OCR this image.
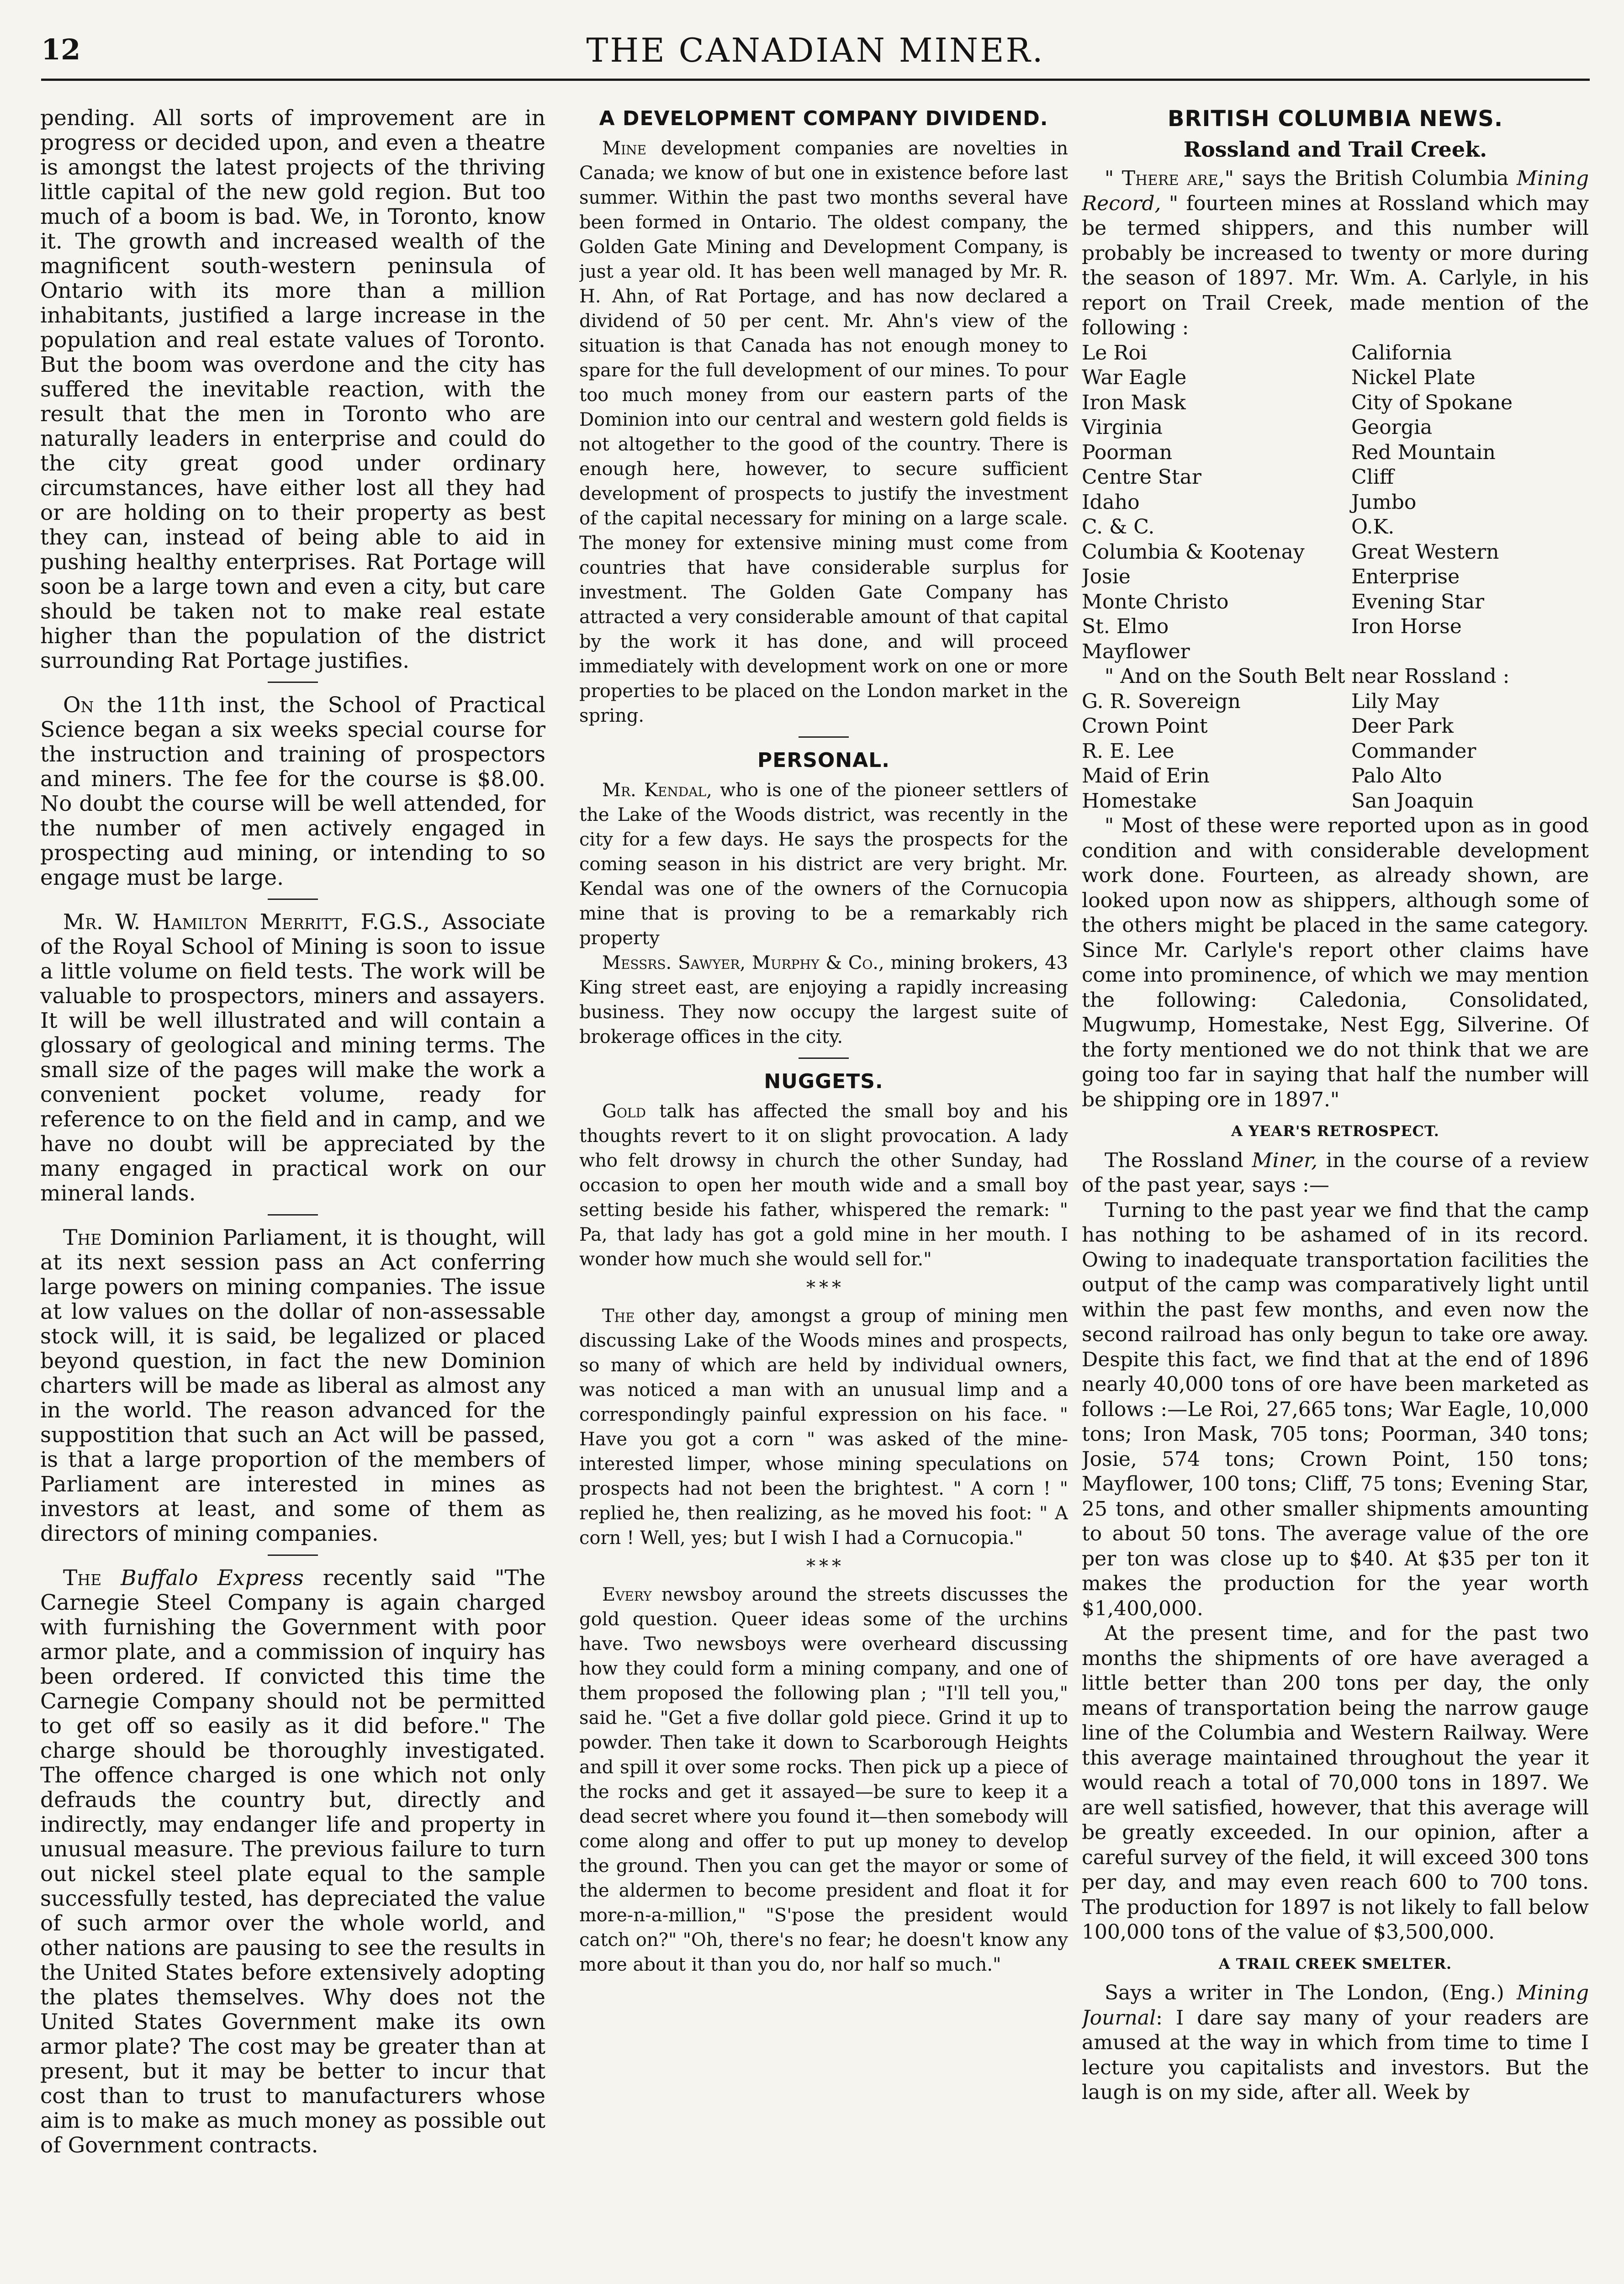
12	THE CANADIAN MINER.

pending. All sorts of improvement are in progress or decided upon, and even a theatre is amongst the latest projects of the thriving little capital of the new gold region. But too much of a boom is bad. We, in Toronto, know it. The growth and increased wealth of the magnificent south-western peninsula of Ontario with its more than a million inhabitants, justified a large increase in the population and real estate values of Toronto. But the boom was overdone and the city has suffered the inevitable reaction, with the result that the men in Toronto who are naturally leaders in enterprise and could do the city great good under ordinary circumstances, have either lost all they had or are holding on to their property as best they can, instead of being able to aid in pushing healthy enterprises. Rat Portage will soon be a large town and even a city, but care should be taken not to make real estate higher than the population of the district surrounding Rat Portage justifies.

On the 11th inst, the School of Practical Science began a six weeks special course for the instruction and training of prospectors and miners. The fee for the course is $8.00. No doubt the course will be well attended, for the number of men actively engaged in prospecting aud mining, or intending to so engage must be large.

Mr. W. Hamilton Merritt, F.G.S., Associate of the Royal School of Mining is soon to issue a little volume on field tests. The work will be valuable to prospectors, miners and assayers. It will be well illustrated and will contain a glossary of geological and mining terms. The small size of the pages will make the work a convenient pocket volume, ready for reference to on the field and in camp, and we have no doubt will be appreciated by the many engaged in practical work on our mineral lands.

The Dominion Parliament, it is thought, will at its next session pass an Act conferring large powers on mining companies. The issue at low values on the dollar of non-assessable stock will, it is said, be legalized or placed beyond question, in fact the new Dominion charters will be made as liberal as almost any in the world. The reason advanced for the suppostition that such an Act will be passed, is that a large proportion of the members of Parliament are interested in mines as investors at least, and some of them as directors of mining companies.

The Buffalo Express recently said "The Carnegie Steel Company is again charged with furnishing the Government with poor armor plate, and a commission of inquiry has been ordered. If convicted this time the Carnegie Company should not be permitted to get off so easily as it did before." The charge should be thoroughly investigated. The offence charged is one which not only defrauds the country but, directly and indirectly, may endanger life and property in unusual measure. The previous failure to turn out nickel steel plate equal to the sample successfully tested, has depreciated the value of such armor over the whole world, and other nations are pausing to see the results in the United States before extensively adopting the plates themselves. Why does not the United States Government make its own armor plate? The cost may be greater than at present, but it may be better to incur that cost than to trust to manufacturers whose aim is to make as much money as possible out of Government contracts.

A DEVELOPMENT COMPANY DIVIDEND.

Mine development companies are novelties in Canada; we know of but one in existence before last summer. Within the past two months several have been formed in Ontario. The oldest company, the Golden Gate Mining and Development Company, is just a year old. It has been well managed by Mr. R. H. Ahn, of Rat Portage, and has now declared a dividend of 50 per cent. Mr. Ahn's view of the situation is that Canada has not enough money to spare for the full development of our mines. To pour too much money from our eastern parts of the Dominion into our central and western gold fields is not altogether to the good of the country. There is enough here, however, to secure sufficient development of prospects to justify the investment of the capital necessary for mining on a large scale. The money for extensive mining must come from countries that have considerable surplus for investment. The Golden Gate Company has attracted a very considerable amount of that capital by the work it has done, and will proceed immediately with development work on one or more properties to be placed on the London market in the spring.

PERSONAL.

Mr. Kendal, who is one of the pioneer settlers of the Lake of the Woods district, was recently in the city for a few days. He says the prospects for the coming season in his district are very bright. Mr. Kendal was one of the owners of the Cornucopia mine that is proving to be a remarkably rich property

Messrs. Sawyer, Murphy & Co., mining brokers, 43 King street east, are enjoying a rapidly increasing business. They now occupy the largest suite of brokerage offices in the city.

NUGGETS.

Gold talk has affected the small boy and his thoughts revert to it on slight provocation. A lady who felt drowsy in church the other Sunday, had occasion to open her mouth wide and a small boy setting beside his father, whispered the remark: " Pa, that lady has got a gold mine in her mouth. I wonder how much she would sell for."

* * *

The other day, amongst a group of mining men discussing Lake of the Woods mines and prospects, so many of which are held by individual owners, was noticed a man with an unusual limp and a correspondingly painful expression on his face. " Have you got a corn " was asked of the mine-interested limper, whose mining speculations on prospects had not been the brightest. " A corn ! " replied he, then realizing, as he moved his foot: " A corn ! Well, yes; but I wish I had a Cornucopia."

* * *

Every newsboy around the streets discusses the gold question. Queer ideas some of the urchins have. Two newsboys were overheard discussing how they could form a mining company, and one of them proposed the following plan ; "I'll tell you," said he. "Get a five dollar gold piece. Grind it up to powder. Then take it down to Scarborough Heights and spill it over some rocks. Then pick up a piece of the rocks and get it assayed—be sure to keep it a dead secret where you found it—then somebody will come along and offer to put up money to develop the ground. Then you can get the mayor or some of the aldermen to become president and float it for more-n-a-million," "S'pose the president would catch on?" "Oh, there's no fear; he doesn't know any more about it than you do, nor half so much."

BRITISH COLUMBIA NEWS.
Rossland and Trail Creek.

" There are," says the British Columbia Mining Record, " fourteen mines at Rossland which may be termed shippers, and this number will probably be increased to twenty or more during the season of 1897. Mr. Wm. A. Carlyle, in his report on Trail Creek, made mention of the following :

Le Roi	California
War Eagle	Nickel Plate
Iron Mask	City of Spokane
Virginia	Georgia
Poorman	Red Mountain
Centre Star	Cliff
Idaho	Jumbo
C. & C.	O.K.
Columbia & Kootenay	Great Western
Josie	Enterprise
Monte Christo	Evening Star
St. Elmo	Iron Horse
Mayflower

" And on the South Belt near Rossland :

G. R. Sovereign	Lily May
Crown Point	Deer Park
R. E. Lee	Commander
Maid of Erin	Palo Alto
Homestake	San Joaquin

" Most of these were reported upon as in good condition and with considerable development work done. Fourteen, as already shown, are looked upon now as shippers, although some of the others might be placed in the same category. Since Mr. Carlyle's report other claims have come into prominence, of which we may mention the following: Caledonia, Consolidated, Mugwump, Homestake, Nest Egg, Silverine. Of the forty mentioned we do not think that we are going too far in saying that half the number will be shipping ore in 1897."

A YEAR'S RETROSPECT.

The Rossland Miner, in the course of a review of the past year, says :—

Turning to the past year we find that the camp has nothing to be ashamed of in its record. Owing to inadequate transportation facilities the output of the camp was comparatively light until within the past few months, and even now the second railroad has only begun to take ore away. Despite this fact, we find that at the end of 1896 nearly 40,000 tons of ore have been marketed as follows :—Le Roi, 27,665 tons; War Eagle, 10,000 tons; Iron Mask, 705 tons; Poorman, 340 tons; Josie, 574 tons; Crown Point, 150 tons; Mayflower, 100 tons; Cliff, 75 tons; Evening Star, 25 tons, and other smaller shipments amounting to about 50 tons. The average value of the ore per ton was close up to $40. At $35 per ton it makes the production for the year worth $1,400,000.

At the present time, and for the past two months the shipments of ore have averaged a little better than 200 tons per day, the only means of transportation being the narrow gauge line of the Columbia and Western Railway. Were this average maintained throughout the year it would reach a total of 70,000 tons in 1897. We are well satisfied, however, that this average will be greatly exceeded. In our opinion, after a careful survey of the field, it will exceed 300 tons per day, and may even reach 600 to 700 tons. The production for 1897 is not likely to fall below 100,000 tons of the value of $3,500,000.

A TRAIL CREEK SMELTER.

Says a writer in The London, (Eng.) Mining Journal: I dare say many of your readers are amused at the way in which from time to time I lecture you capitalists and investors. But the laugh is on my side, after all. Week by
